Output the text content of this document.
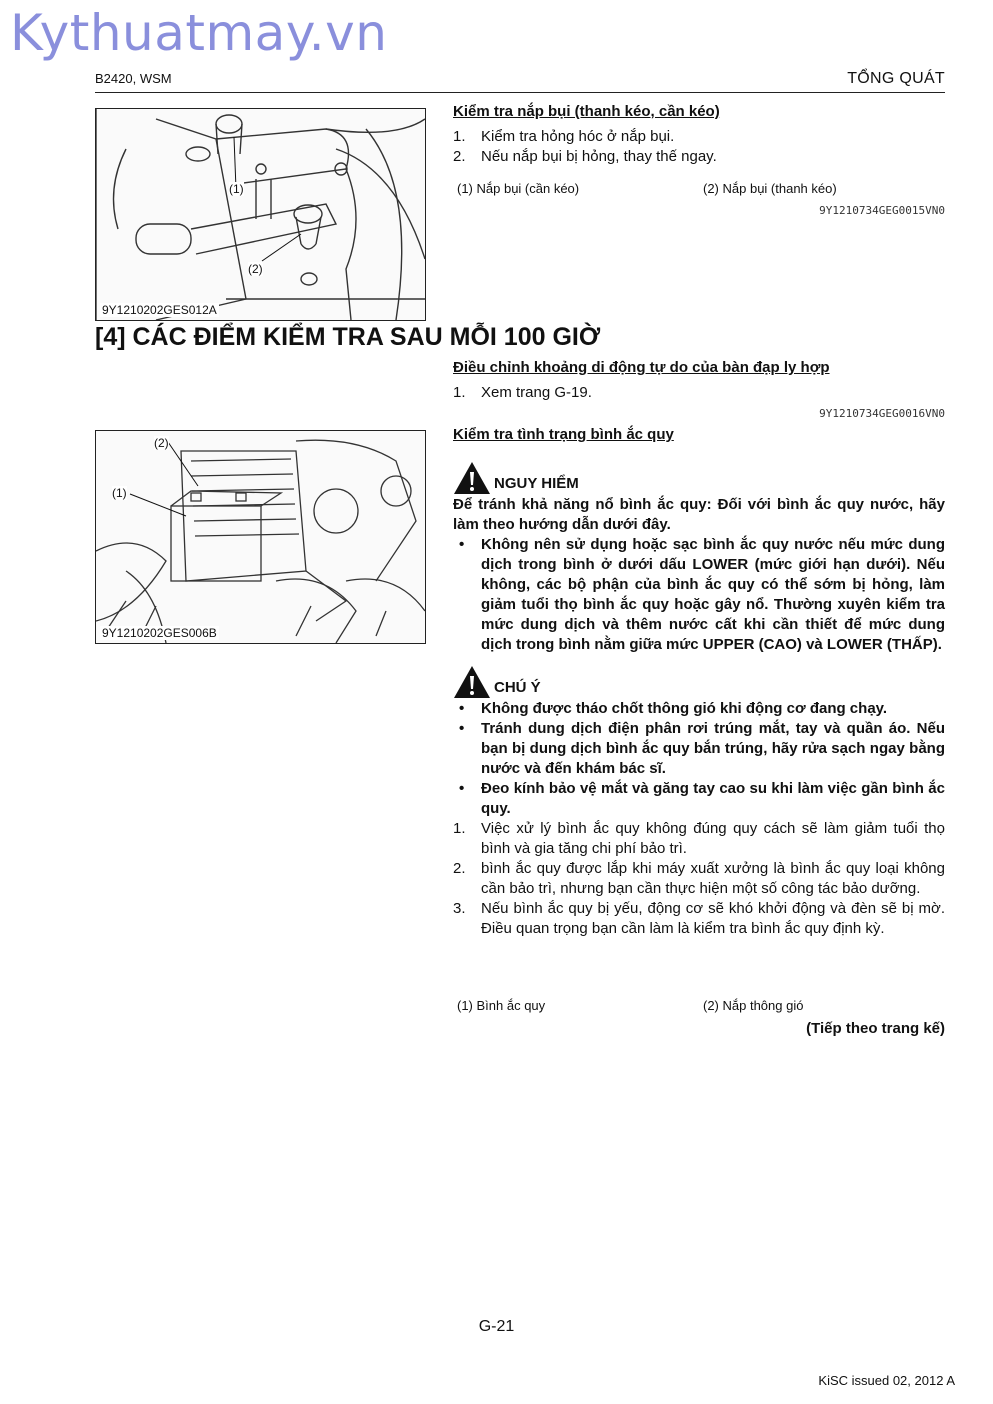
Kythuatmay.vn
B2420, WSM	TỔNG QUÁT
(1)
(2)
9Y1210202GES012A
Kiểm tra nắp bụi (thanh kéo, cần kéo)
1. Kiểm tra hỏng hóc ở nắp bụi.
2. Nếu nắp bụi bị hỏng, thay thế ngay.
(1) Nắp bụi (cần kéo)	(2) Nắp bụi (thanh kéo)
9Y1210734GEG0015VN0
[4] CÁC ĐIỂM KIỂM TRA SAU MỖI 100 GIỜ
Điều chỉnh khoảng di động tự do của bàn đạp ly hợp
1. Xem trang G-19.
9Y1210734GEG0016VN0
(2)
(1)
9Y1210202GES006B
Kiểm tra tình trạng bình ắc quy
NGUY HIỂM
Để tránh khả năng nổ bình ắc quy: Đối với bình ắc quy nước, hãy làm theo hướng dẫn dưới đây.
• Không nên sử dụng hoặc sạc bình ắc quy nước nếu mức dung dịch trong bình ở dưới dấu LOWER (mức giới hạn dưới). Nếu không, các bộ phận của bình ắc quy có thể sớm bị hỏng, làm giảm tuổi thọ bình ắc quy hoặc gây nổ. Thường xuyên kiểm tra mức dung dịch và thêm nước cất khi cần thiết để mức dung dịch trong bình nằm giữa mức UPPER (CAO) và LOWER (THẤP).
CHÚ Ý
• Không được tháo chốt thông gió khi động cơ đang chạy.
• Tránh dung dịch điện phân rơi trúng mắt, tay và quần áo. Nếu bạn bị dung dịch bình ắc quy bắn trúng, hãy rửa sạch ngay bằng nước và đến khám bác sĩ.
• Đeo kính bảo vệ mắt và găng tay cao su khi làm việc gần bình ắc quy.
1. Việc xử lý bình ắc quy không đúng quy cách sẽ làm giảm tuổi thọ bình và gia tăng chi phí bảo trì.
2. bình ắc quy được lắp khi máy xuất xưởng là bình ắc quy loại không cần bảo trì, nhưng bạn cần thực hiện một số công tác bảo dưỡng.
3. Nếu bình ắc quy bị yếu, động cơ sẽ khó khởi động và đèn sẽ bị mờ. Điều quan trọng bạn cần làm là kiểm tra bình ắc quy định kỳ.
(1) Bình ắc quy	(2) Nắp thông gió
(Tiếp theo trang kế)
G-21
KiSC issued 02, 2012 A
